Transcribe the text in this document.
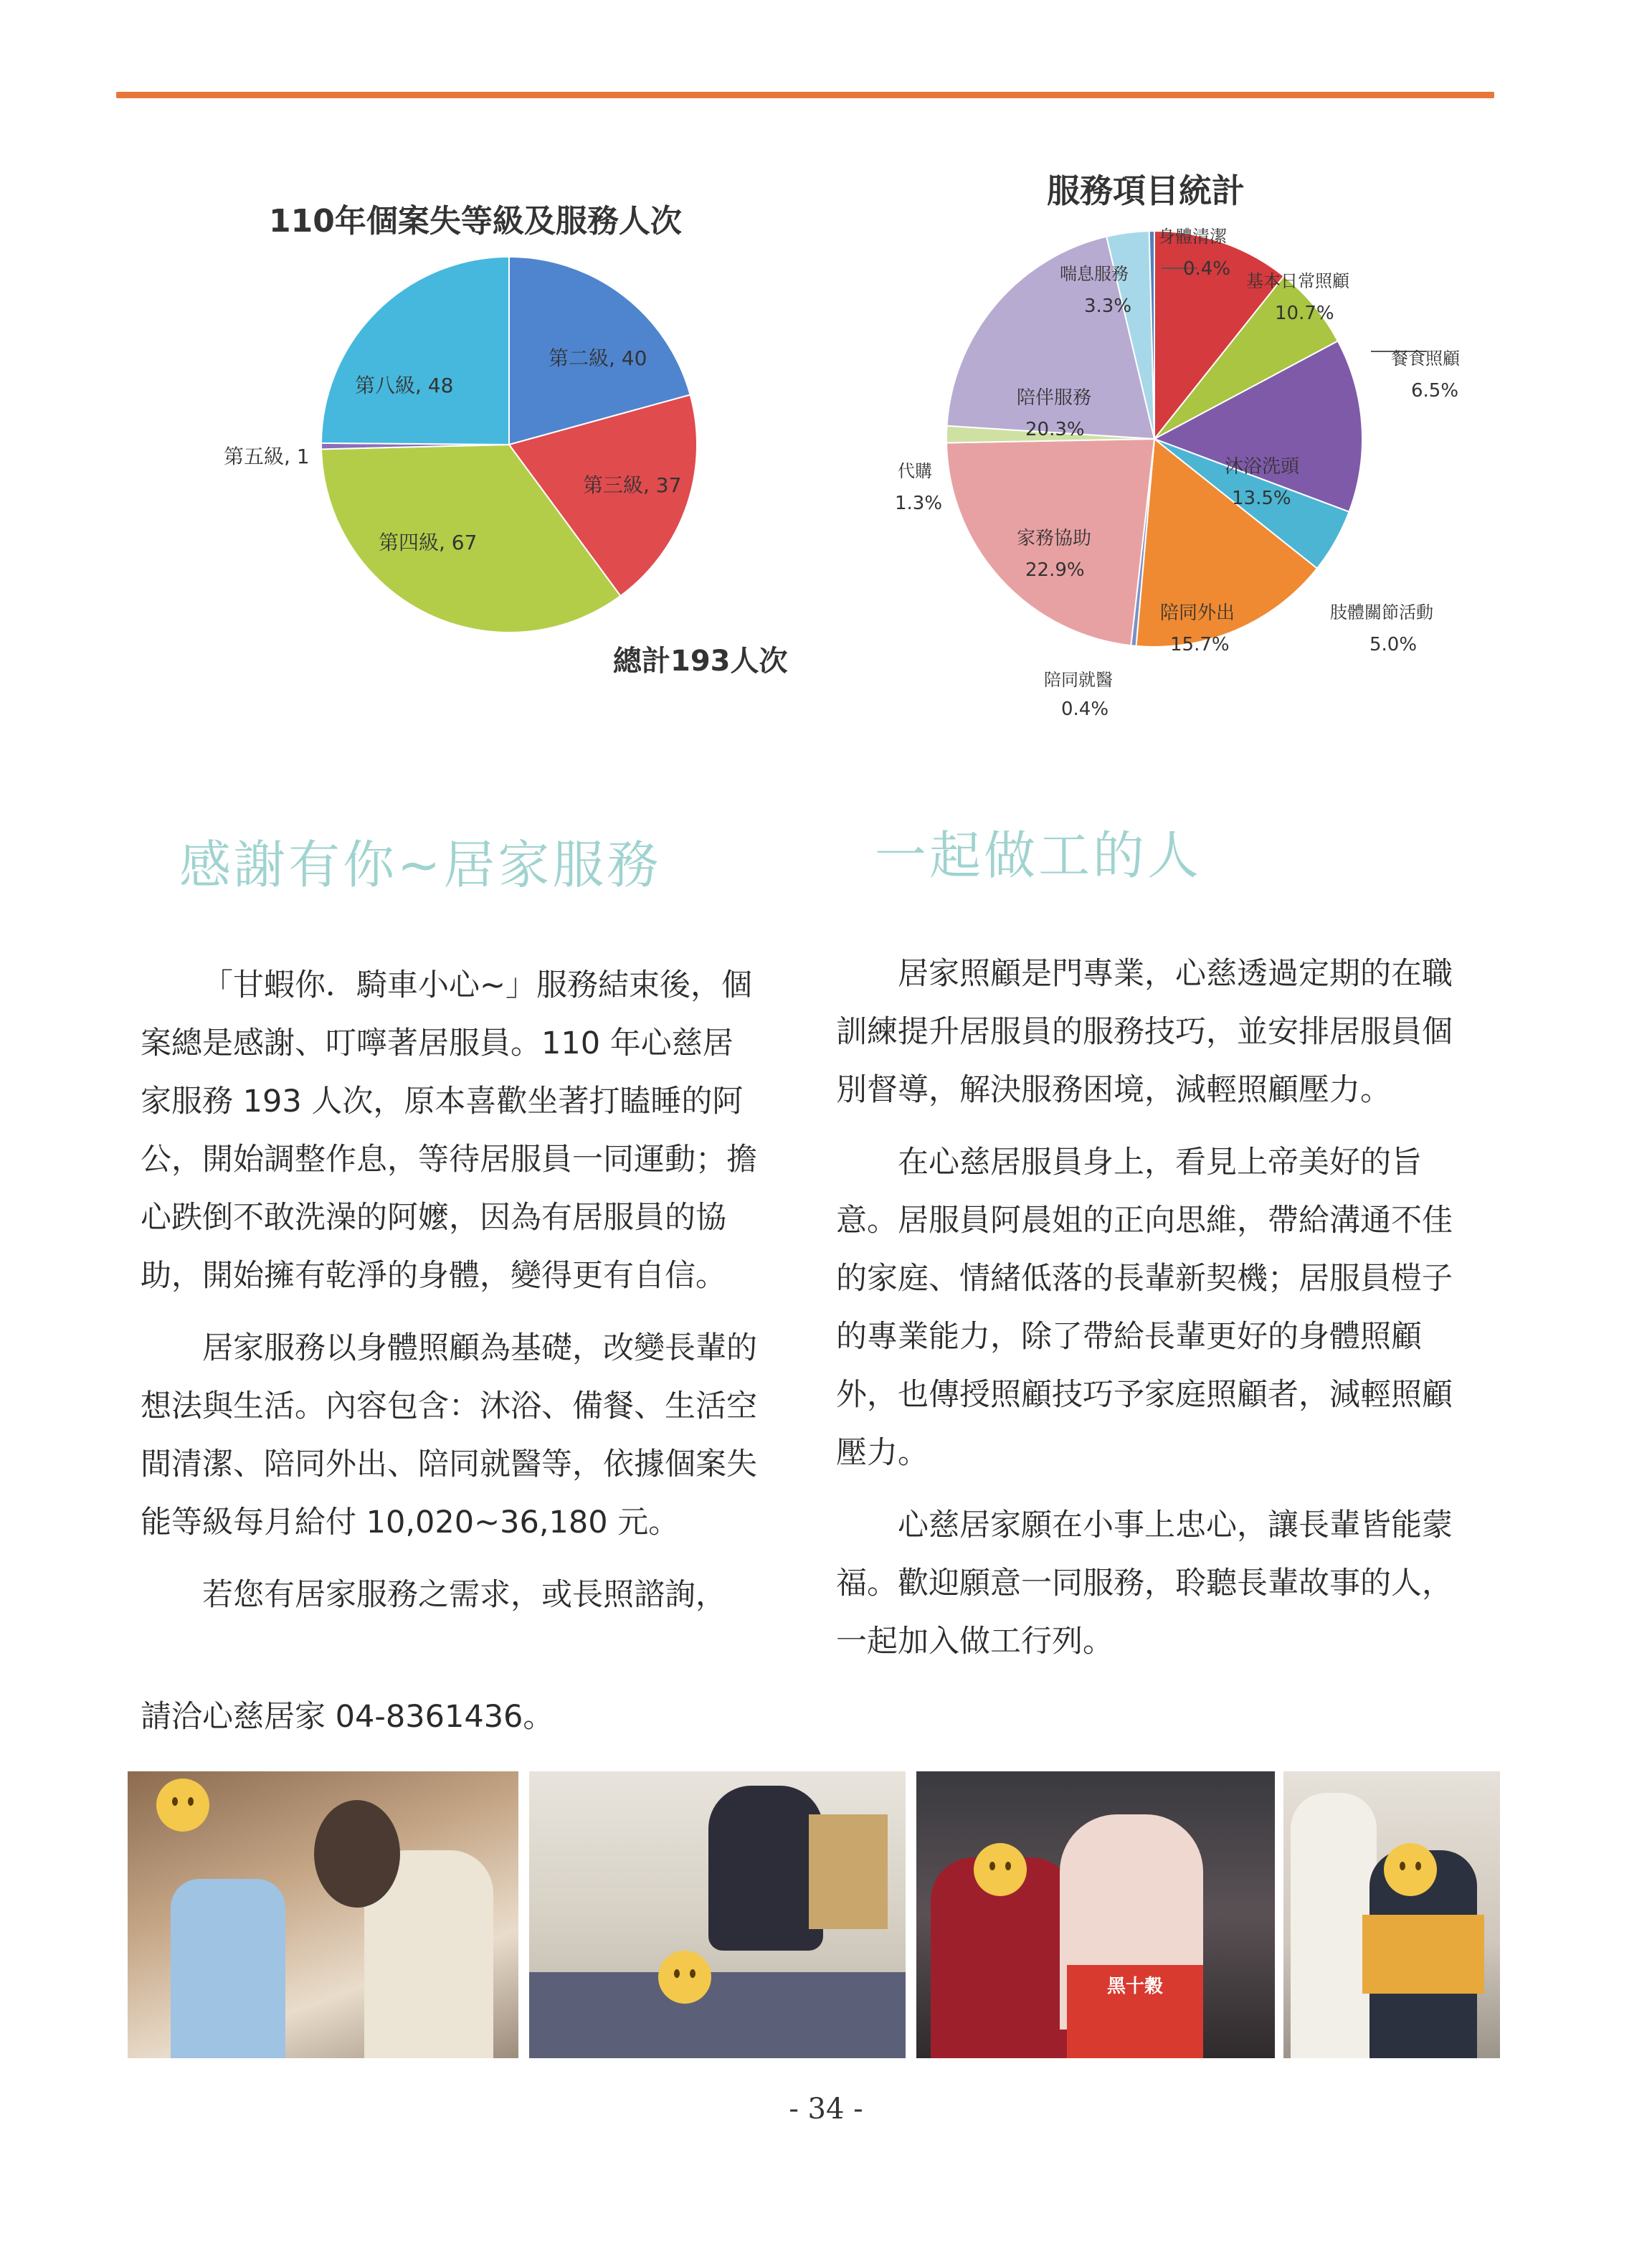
110年個案失等級及服務人次
第二級, 40
第三級, 37
第四級, 67
第五級, 1
第八級, 48
總計193人次
服務項目統計
身體清潔
0.4%
喘息服務
3.3%
基本日常照顧
10.7%
餐食照顧
6.5%
陪伴服務
20.3%
沐浴洗頭
13.5%
代購
1.3%
家務協助
22.9%
肢體關節活動
5.0%
陪同外出
15.7%
陪同就醫
0.4%
感謝有你~居家服務	一起做工的人

「甘蝦你．騎車小心~」服務結束後，個案總是感謝、叮嚀著居服員。110 年心慈居家服務 193 人次，原本喜歡坐著打瞌睡的阿公，開始調整作息，等待居服員一同運動；擔心跌倒不敢洗澡的阿嬤，因為有居服員的協助，開始擁有乾淨的身體，變得更有自信。

居家服務以身體照顧為基礎，改變長輩的想法與生活。內容包含：沐浴、備餐、生活空間清潔、陪同外出、陪同就醫等，依據個案失能等級每月給付 10,020~36,180 元。

若您有居家服務之需求，或長照諮詢，

請洽心慈居家 04-8361436。

居家照顧是門專業，心慈透過定期的在職訓練提升居服員的服務技巧，並安排居服員個別督導，解決服務困境，減輕照顧壓力。

在心慈居服員身上，看見上帝美好的旨意。居服員阿晨姐的正向思維，帶給溝通不佳的家庭、情緒低落的長輩新契機；居服員榿子的專業能力，除了帶給長輩更好的身體照顧外，也傳授照顧技巧予家庭照顧者，減輕照顧壓力。

心慈居家願在小事上忠心，讓長輩皆能蒙福。歡迎願意一同服務，聆聽長輩故事的人，一起加入做工行列。

黑十穀
- 34 -
